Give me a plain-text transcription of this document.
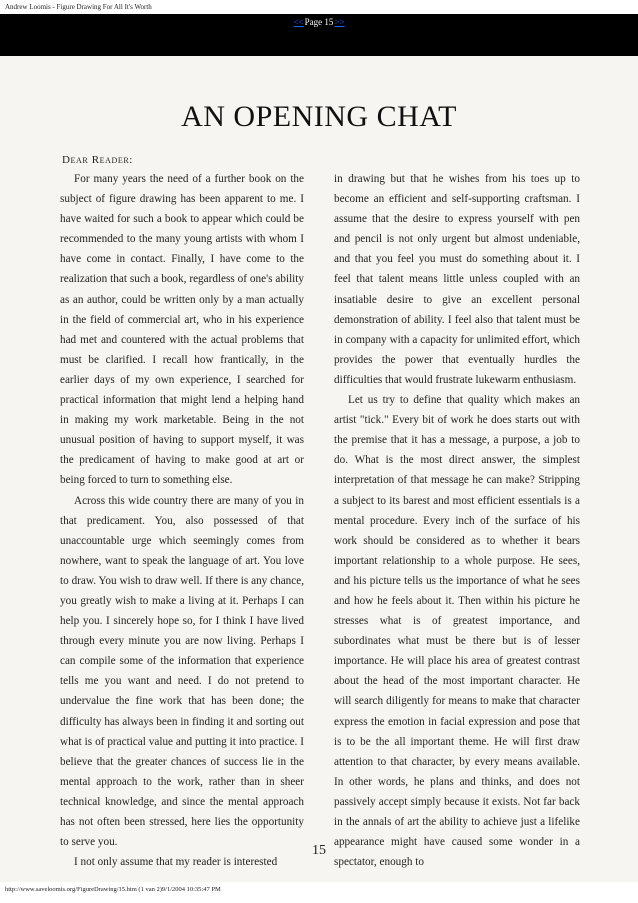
Andrew Loomis - Figure Drawing For All It's Worth
<< Page 15 >>
AN OPENING CHAT
Dear Reader:

For many years the need of a further book on the subject of figure drawing has been apparent to me. I have waited for such a book to appear which could be recommended to the many young artists with whom I have come in contact. Finally, I have come to the realization that such a book, regardless of one's ability as an author, could be written only by a man actually in the field of commercial art, who in his experience had met and countered with the actual problems that must be clarified. I recall how frantically, in the earlier days of my own experience, I searched for practical information that might lend a helping hand in making my work marketable. Being in the not unusual position of having to support myself, it was the predicament of having to make good at art or being forced to turn to something else.

Across this wide country there are many of you in that predicament. You, also possessed of that unaccountable urge which seemingly comes from nowhere, want to speak the language of art. You love to draw. You wish to draw well. If there is any chance, you greatly wish to make a living at it. Perhaps I can help you. I sincerely hope so, for I think I have lived through every minute you are now living. Perhaps I can compile some of the information that experience tells me you want and need. I do not pretend to undervalue the fine work that has been done; the difficulty has always been in finding it and sorting out what is of practical value and putting it into practice. I believe that the greater chances of success lie in the mental approach to the work, rather than in sheer technical knowledge, and since the mental approach has not often been stressed, here lies the opportunity to serve you.

I not only assume that my reader is interested

in drawing but that he wishes from his toes up to become an efficient and self-supporting craftsman. I assume that the desire to express yourself with pen and pencil is not only urgent but almost undeniable, and that you feel you must do something about it. I feel that talent means little unless coupled with an insatiable desire to give an excellent personal demonstration of ability. I feel also that talent must be in company with a capacity for unlimited effort, which provides the power that eventually hurdles the difficulties that would frustrate lukewarm enthusiasm.

Let us try to define that quality which makes an artist "tick." Every bit of work he does starts out with the premise that it has a message, a purpose, a job to do. What is the most direct answer, the simplest interpretation of that message he can make? Stripping a subject to its barest and most efficient essentials is a mental procedure. Every inch of the surface of his work should be considered as to whether it bears important relationship to a whole purpose. He sees, and his picture tells us the importance of what he sees and how he feels about it. Then within his picture he stresses what is of greatest importance, and subordinates what must be there but is of lesser importance. He will place his area of greatest contrast about the head of the most important character. He will search diligently for means to make that character express the emotion in facial expression and pose that is to be the all important theme. He will first draw attention to that character, by every means available. In other words, he plans and thinks, and does not passively accept simply because it exists. Not far back in the annals of art the ability to achieve just a lifelike appearance might have caused some wonder in a spectator, enough to

15
http://www.saveloomis.org/FigureDrawing/15.htm (1 van 2)9/1/2004 10:35:47 PM
